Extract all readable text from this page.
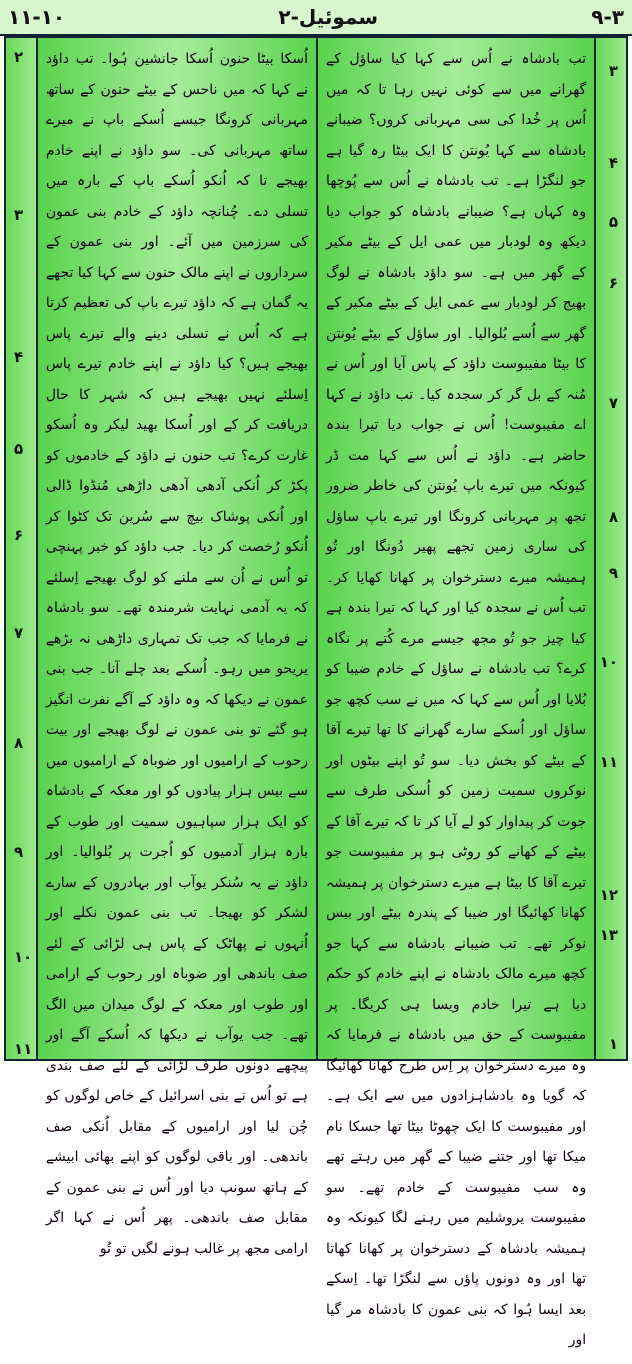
۱۱-۱۰	۲-سموئیل	۹-۳
۲
۳
۴
۵
۶
۷
۸
۹
۱۰
۱۱
اُسکا بیٹا حنون اُسکا جانشین ہُوا۔ تب داؤد نے کہا کہ میں ناحس کے بیٹے حنون کے ساتھ مہربانی کرونگا جیسے اُسکے باپ نے میرے ساتھ مہربانی کی۔ سو داؤد نے اپنے خادم بھیجے تا کہ اُنکو اُسکے باپ کے بارہ میں تسلی دے۔ چُنانچہ داؤد کے خادم بنی عمون کی سرزمین میں آئے۔ اور بنی عمون کے سرداروں نے اپنے مالک حنون سے کہا کیا تجھے یہ گمان ہے کہ داؤد تیرے باپ کی تعظیم کرتا ہے کہ اُس نے تسلی دینے والے تیرے پاس بھیجے ہیں؟ کیا داؤد نے اپنے خادم تیرے پاس اِسلئے نہیں بھیجے ہیں کہ شہر کا حال دریافت کر کے اور اُسکا بھید لیکر وہ اُسکو غارت کرے؟ تب حنون نے داؤد کے خادموں کو پکڑ کر اُنکی آدھی آدھی داڑھی مُنڈوا ڈالی اور اُنکی پوشاک بیچ سے سُرین تک کٹوا کر اُنکو رُخصت کر دیا۔ جب داؤد کو خبر پہنچی تو اُس نے اُن سے ملنے کو لوگ بھیجے اِسلئے کہ یہ آدمی نہایت شرمندہ تھے۔ سو بادشاہ نے فرمایا کہ جب تک تمہاری داڑھی نہ بڑھے یریحو میں رہو۔ اُسکے بعد چلے آنا۔ جب بنی عمون نے دیکھا کہ وہ داؤد کے آگے نفرت انگیز ہو گئے تو بنی عمون نے لوگ بھیجے اور بیت رحوب کے ارامیوں اور ضوباہ کے ارامیوں میں سے بیس ہزار پیادوں کو اور معکہ کے بادشاہ کو ایک ہزار سپاہیوں سمیت اور طوب کے بارہ ہزار آدمیوں کو اُجرت پر بُلوالیا۔ اور داؤد نے یہ سُنکر یوآب اور بہادروں کے سارے لشکر کو بھیجا۔ تب بنی عمون نکلے اور اُنہوں نے پھاٹک کے پاس ہی لڑائی کے لئے صف باندھی اور ضوباہ اور رحوب کے ارامی اور طوب اور معکہ کے لوگ میدان میں الگ تھے۔ جب یوآب نے دیکھا کہ اُسکے آگے اور پیچھے دونوں طرف لڑائی کے لئے صف بندی ہے تو اُس نے بنی اسرائیل کے خاص لوگوں کو چُن لیا اور ارامیوں کے مقابل اُنکی صف باندھی۔ اور باقی لوگوں کو اپنے بھائی ابیشے کے ہاتھ سونپ دیا اور اُس نے بنی عمون کے مقابل صف باندھی۔ پھر اُس نے کہا اگر ارامی مجھ پر غالب ہونے لگیں تو تُو
تب بادشاہ نے اُس سے کہا کیا ساؤل کے گھرانے میں سے کوئی نہیں رہا تا کہ میں اُس پر خُدا کی سی مہربانی کروں؟ ضیبانے بادشاہ سے کہا یُونتن کا ایک بیٹا رہ گیا ہے جو لنگڑا ہے۔ تب بادشاہ نے اُس سے پُوچھا وہ کہاں ہے؟ ضیبانے بادشاہ کو جواب دیا دیکھ وہ لودبار میں عمی ایل کے بیٹے مکیر کے گھر میں ہے۔ سو داؤد بادشاہ نے لوگ بھیج کر لودبار سے عمی ایل کے بیٹے مکیر کے گھر سے اُسے بُلوالیا۔ اور ساؤل کے بیٹے یُونتن کا بیٹا مفیبوست داؤد کے پاس آیا اور اُس نے مُنہ کے بل گر کر سجدہ کیا۔ تب داؤد نے کہا اے مفیبوست! اُس نے جواب دیا تیرا بندہ حاضر ہے۔ داؤد نے اُس سے کہا مت ڈر کیونکہ میں تیرے باپ یُونتن کی خاطر ضرور تجھ پر مہربانی کرونگا اور تیرے باپ ساؤل کی ساری زمین تجھے پھیر دُونگا اور تُو ہمیشہ میرے دسترخوان پر کھانا کھایا کر۔ تب اُس نے سجدہ کیا اور کہا کہ تیرا بندہ ہے کیا چیز جو تُو مجھ جیسے مرے کُتے پر نگاہ کرے؟ تب بادشاہ نے ساؤل کے خادم ضیبا کو بُلایا اور اُس سے کہا کہ میں نے سب کچھ جو ساؤل اور اُسکے سارے گھرانے کا تھا تیرے آقا کے بیٹے کو بخش دیا۔ سو تُو اپنے بیٹوں اور نوکروں سمیت زمین کو اُسکی طرف سے جوت کر پیداوار کو لے آیا کر تا کہ تیرے آقا کے بیٹے کے کھانے کو روٹی ہو پر مفیبوست جو تیرے آقا کا بیٹا ہے میرے دسترخوان پر ہمیشہ کھانا کھائیگا اور ضیبا کے پندرہ بیٹے اور بیس نوکر تھے۔ تب ضیبانے بادشاہ سے کہا جو کچھ میرے مالک بادشاہ نے اپنے خادم کو حکم دیا ہے تیرا خادم ویسا ہی کریگا۔ پر مفیبوست کے حق میں بادشاہ نے فرمایا کہ وہ میرے دسترخوان پر اِس طرح کھانا کھائیگا کہ گویا وہ بادشاہزادوں میں سے ایک ہے۔ اور مفیبوست کا ایک چھوٹا بیٹا تھا جسکا نام میکا تھا اور جتنے ضیبا کے گھر میں رہتے تھے وہ سب مفیبوست کے خادم تھے۔ سو مفیبوست یروشلیم میں رہنے لگا کیونکہ وہ ہمیشہ بادشاہ کے دسترخوان پر کھانا کھاتا تھا اور وہ دونوں پاؤں سے لنگڑا تھا۔ اِسکے بعد ایسا ہُوا کہ بنی عمون کا بادشاہ مر گیا اور
۳
۴
۵
۶
۷
۸
۹
۱۰
۱۱
۱۲
۱۳
۱
